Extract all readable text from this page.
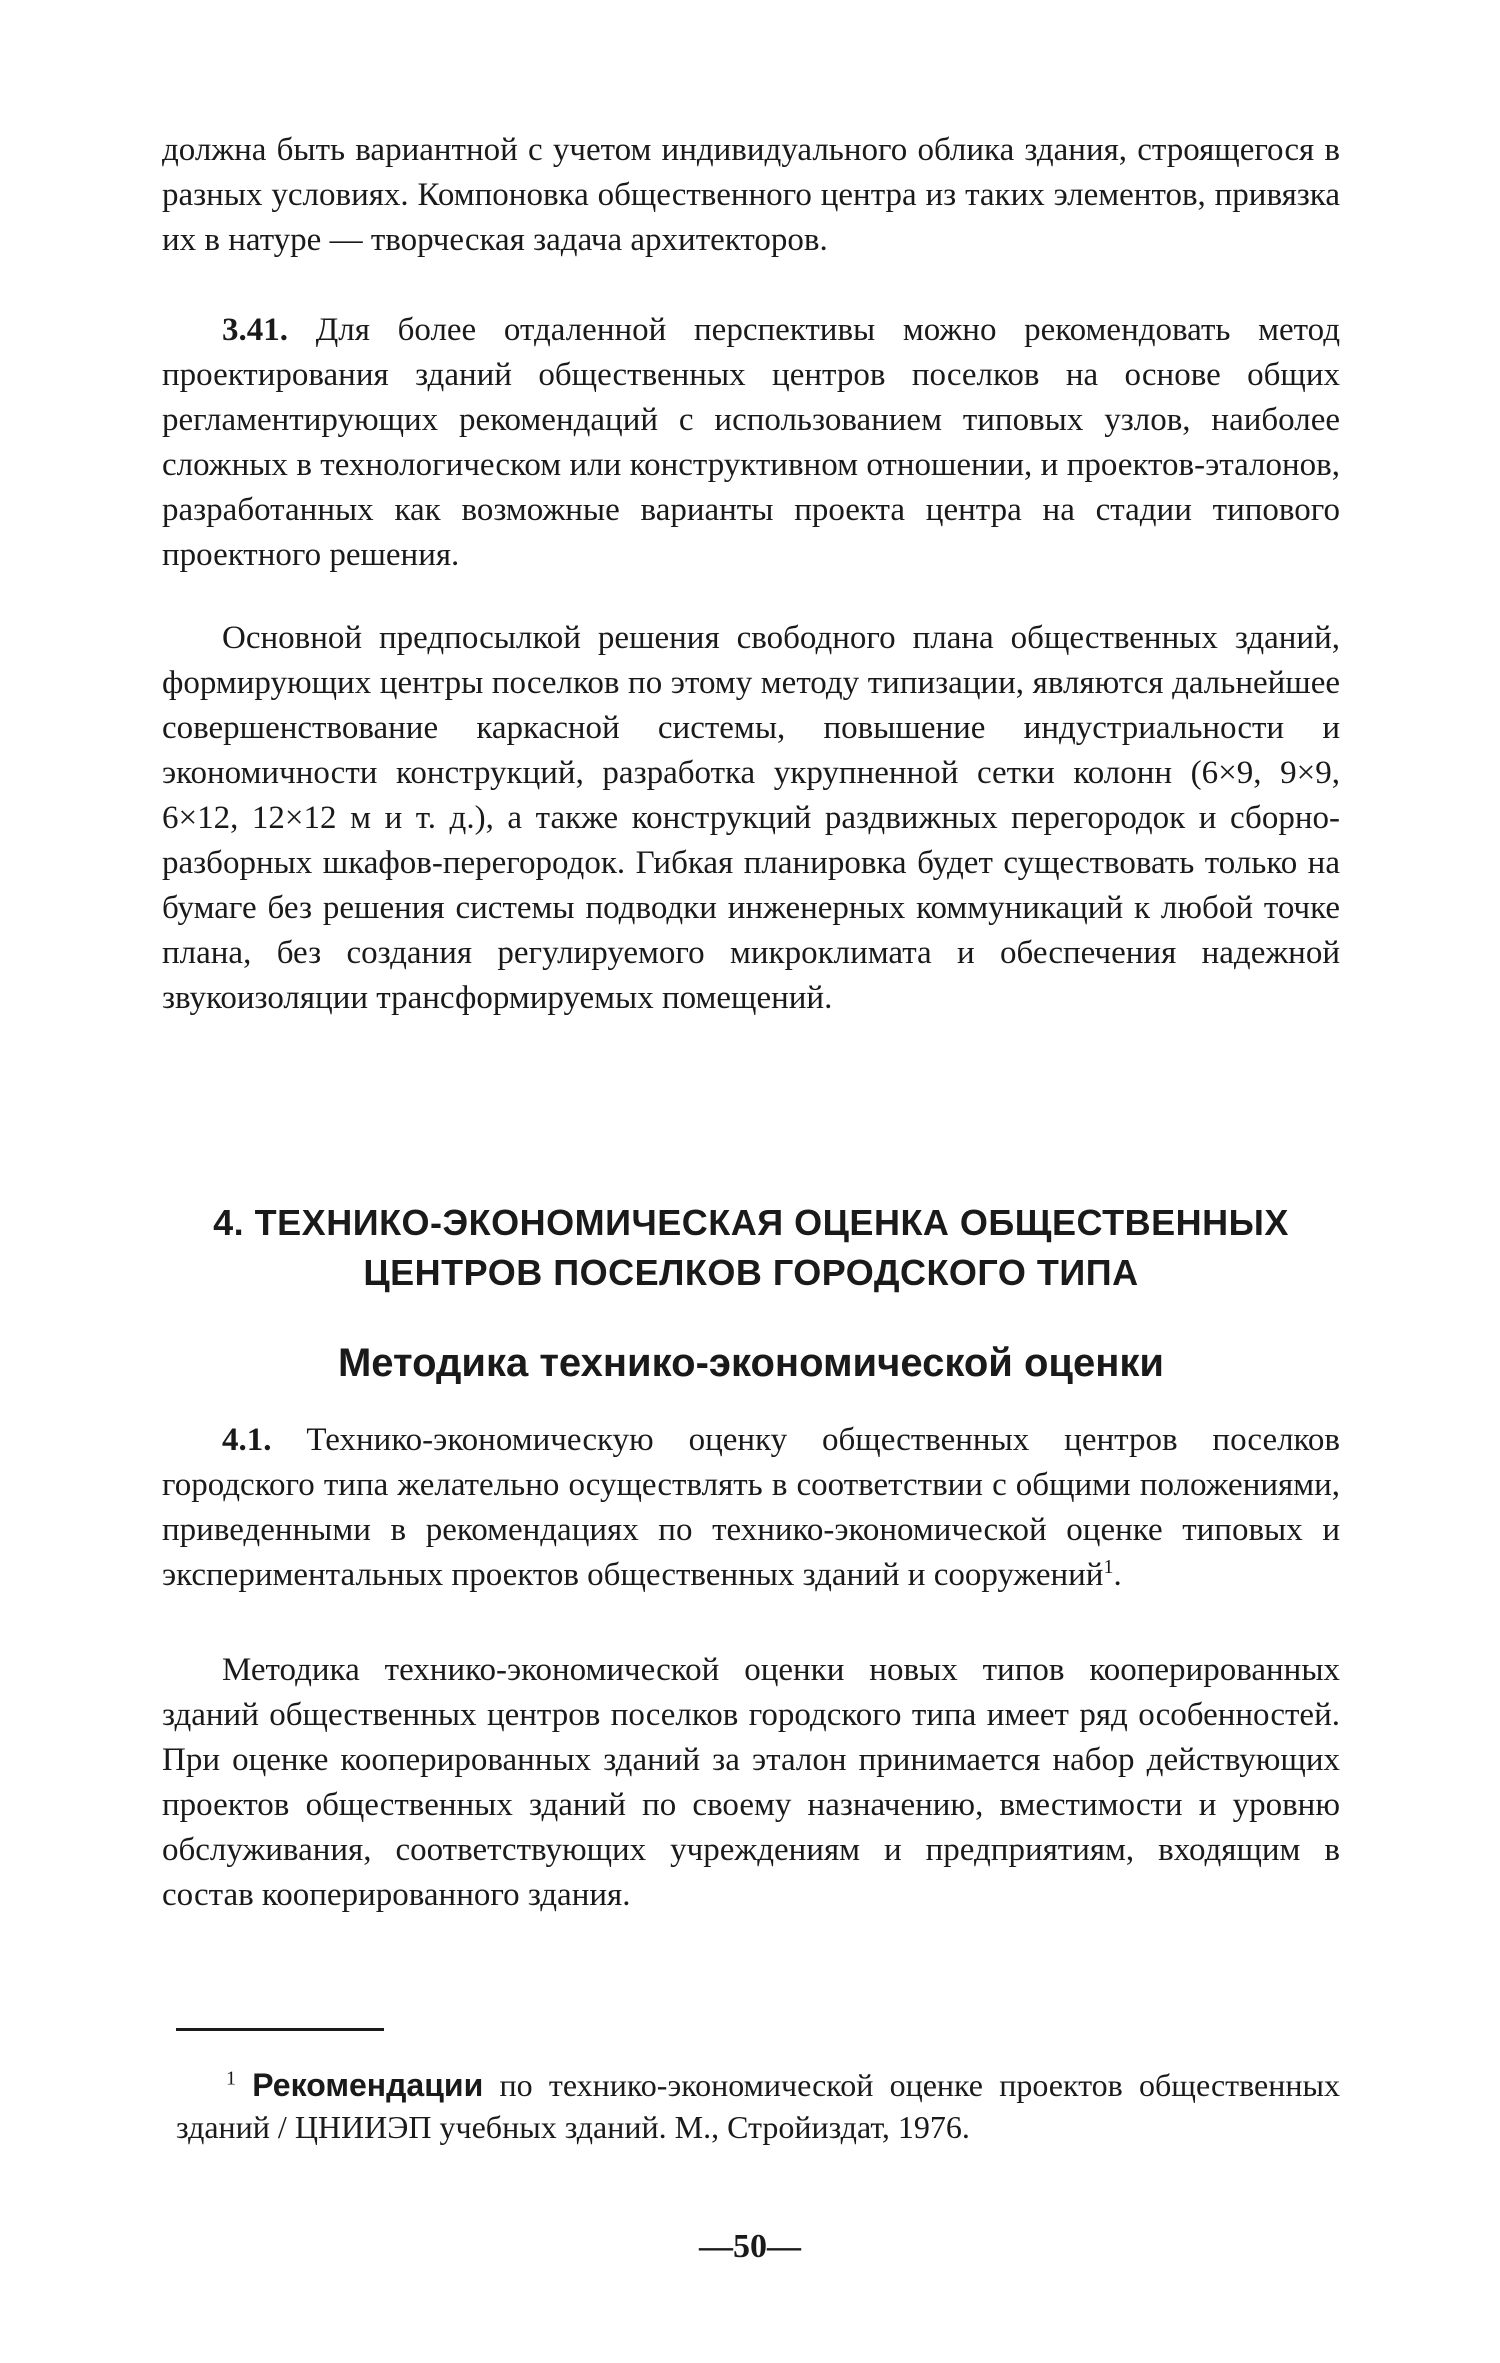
должна быть вариантной с учетом индивидуального облика здания, строящегося в разных условиях. Компоновка общественного центра из таких элементов, привязка их в натуре — творческая задача архитекторов.

3.41. Для более отдаленной перспективы можно рекомендовать метод проектирования зданий общественных центров поселков на основе общих регламентирующих рекомендаций с использованием типовых узлов, наиболее сложных в технологическом или конструктивном отношении, и проектов-эталонов, разработанных как возможные варианты проекта центра на стадии типового проектного решения.

Основной предпосылкой решения свободного плана общественных зданий, формирующих центры поселков по этому методу типизации, являются дальнейшее совершенствование каркасной системы, повышение индустриальности и экономичности конструкций, разработка укрупненной сетки колонн (6×9, 9×9, 6×12, 12×12 м и т. д.), а также конструкций раздвижных перегородок и сборно-разборных шкафов-перегородок. Гибкая планировка будет существовать только на бумаге без решения системы подводки инженерных коммуникаций к любой точке плана, без создания регулируемого микроклимата и обеспечения надежной звукоизоляции трансформируемых помещений.

4. ТЕХНИКО-ЭКОНОМИЧЕСКАЯ ОЦЕНКА ОБЩЕСТВЕННЫХ
ЦЕНТРОВ ПОСЕЛКОВ ГОРОДСКОГО ТИПА
Методика технико-экономической оценки

4.1. Технико-экономическую оценку общественных центров поселков городского типа желательно осуществлять в соответствии с общими положениями, приведенными в рекомендациях по технико-экономической оценке типовых и экспериментальных проектов общественных зданий и сооружений$^1$.

Методика технико-экономической оценки новых типов кооперированных зданий общественных центров поселков городского типа имеет ряд особенностей. При оценке кооперированных зданий за эталон принимается набор действующих проектов общественных зданий по своему назначению, вместимости и уровню обслуживания, соответствующих учреждениям и предприятиям, входящим в состав кооперированного здания.

$^1$ Рекомендации по технико-экономической оценке проектов общественных зданий / ЦНИИЭП учебных зданий. М., Стройиздат, 1976.

—50—
